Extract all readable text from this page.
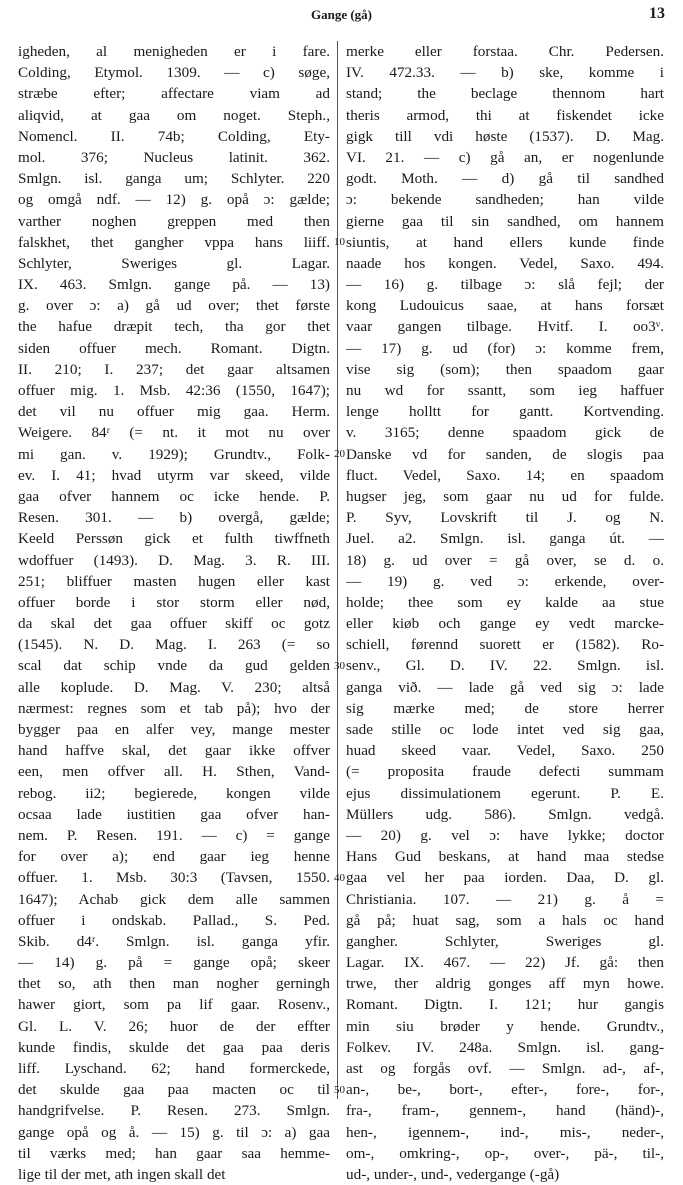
Gange (gå)	13
igheden, al menigheden er i fare.
Colding, Etymol. 1309. — c) søge,
stræbe efter; affectare viam ad
aliqvid, at gaa om noget. Steph.,
Nomencl. II. 74b; Colding, Ety-
mol. 376; Nucleus latinit. 362.
Smlgn. isl. ganga um; Schlyter. 220
og omgå ndf. — 12) g. opå ɔ: gælde;
varther noghen greppen med then
falskhet, thet gangher vppa hans liiff.
Schlyter, Sweriges gl. Lagar.
IX. 463. Smlgn. gange på. — 13)
g. over ɔ: a) gå ud over; thet første
the hafue dræpit tech, tha gor thet
siden offuer mech. Romant. Digtn.
II. 210; I. 237; det gaar altsamen
offuer mig. 1. Msb. 42:36 (1550, 1647);
det vil nu offuer mig gaa. Herm.
Weigere. 84ʳ (= nt. it mot nu over
mi gan. v. 1929); Grundtv., Folk-
ev. I. 41; hvad utyrm var skeed, vilde
gaa ofver hannem oc icke hende. P.
Resen. 301. — b) overgå, gælde;
Keeld Perssøn gick et fulth tiwffneth
wdoffuer (1493). D. Mag. 3. R. III.
251; bliffuer masten hugen eller kast
offuer borde i stor storm eller nød,
da skal det gaa offuer skiff oc gotz
(1545). N. D. Mag. I. 263 (= so
scal dat schip vnde da gud gelden
alle koplude. D. Mag. V. 230; altså
nærmest: regnes som et tab på); hvo der
bygger paa en alfer vey, mange mester
hand haffve skal, det gaar ikke offver
een, men offver all. H. Sthen, Vand-
rebog. ii2; begierede, kongen vilde
ocsaa lade iustitien gaa ofver han-
nem. P. Resen. 191. — c) = gange
for over a); end gaar ieg henne
offuer. 1. Msb. 30:3 (Tavsen, 1550.
1647); Achab gick dem alle sammen
offuer i ondskab. Pallad., S. Ped.
Skib. d4ʳ. Smlgn. isl. ganga yfir.
— 14) g. på = gange opå; skeer
thet so, ath then man nogher gerningh
hawer giort, som pa lif gaar. Rosenv.,
Gl. L. V. 26; huor de der effter
kunde findis, skulde det gaa paa deris
liff. Lyschand. 62; hand formerckede,
det skulde gaa paa macten oc til
handgrifvelse. P. Resen. 273. Smlgn.
gange opå og å. — 15) g. til ɔ: a) gaa
til værks med; han gaar saa hemme-
lige til der met, ath ingen skall det
merke eller forstaa. Chr. Pedersen.
IV. 472.33. — b) ske, komme i
stand; the beclage thennom hart
theris armod, thi at fiskendet icke
gigk till vdi høste (1537). D. Mag.
VI. 21. — c) gå an, er nogenlunde
godt. Moth. — d) gå til sandhed
ɔ: bekende sandheden; han vilde
gierne gaa til sin sandhed, om hannem
siuntis, at hand ellers kunde finde
10
naade hos kongen. Vedel, Saxo. 494.
— 16) g. tilbage ɔ: slå fejl; der
kong Ludouicus saae, at hans forsæt
vaar gangen tilbage. Hvitf. I. oo3ᵛ.
— 17) g. ud (for) ɔ: komme frem,
vise sig (som); then spaadom gaar
nu wd for ssantt, som ieg haffuer
lenge holltt for gantt. Kortvending.
v. 3165; denne spaadom gick de
Danske vd for sanden, de slogis paa
20
fluct. Vedel, Saxo. 14; en spaadom
hugser jeg, som gaar nu ud for fulde.
P. Syv, Lovskrift til J. og N.
Juel. a2. Smlgn. isl. ganga út. —
18) g. ud over = gå over, se d. o.
— 19) g. ved ɔ: erkende, over-
holde; thee som ey kalde aa stue
eller kiøb och gange ey vedt marcke-
schiell, førennd suorett er (1582). Ro-
senv., Gl. D. IV. 22. Smlgn. isl.
30
ganga við. — lade gå ved sig ɔ: lade
sig mærke med; de store herrer
sade stille oc lode intet ved sig gaa,
huad skeed vaar. Vedel, Saxo. 250
(= proposita fraude defecti summam
ejus dissimulationem egerunt. P. E.
Müllers udg. 586). Smlgn. vedgå.
— 20) g. vel ɔ: have lykke; doctor
Hans Gud beskans, at hand maa stedse
gaa vel her paa iorden. Daa, D. gl.
40
Christiania. 107. — 21) g. å =
gå på; huat sag, som a hals oc hand
gangher. Schlyter, Sweriges gl.
Lagar. IX. 467. — 22) Jf. gå: then
trwe, ther aldrig gonges aff myn howe.
Romant. Digtn. I. 121; hur gangis
min siu brøder y hende. Grundtv.,
Folkev. IV. 248a. Smlgn. isl. gang-
ast og forgås ovf. — Smlgn. ad-, af-,
an-, be-, bort-, efter-, fore-, for-,
50
fra-, fram-, gennem-, hand (händ)-,
hen-, igennem-, ind-, mis-, neder-,
om-, omkring-, op-, over-, pä-, til-,
ud-, under-, und-, vedergange (-gå)
